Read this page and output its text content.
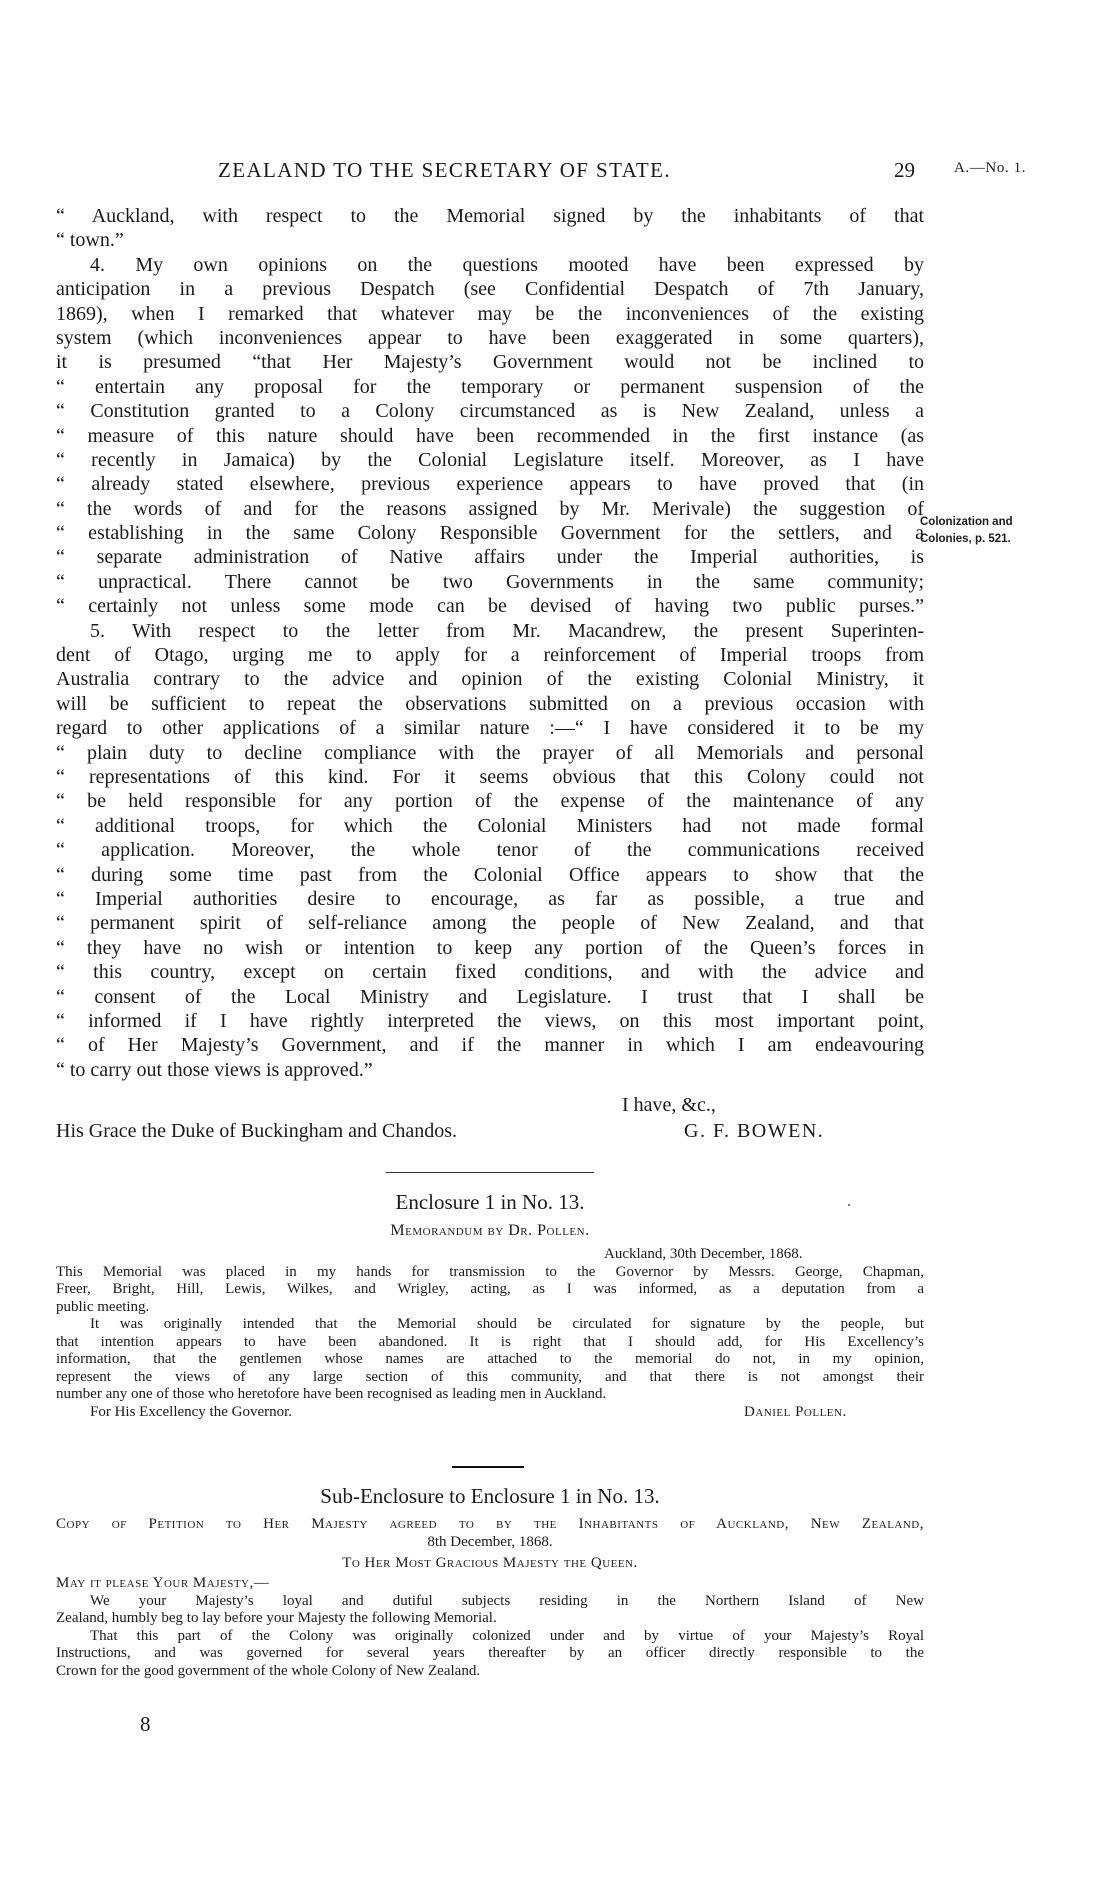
ZEALAND TO THE SECRETARY OF STATE.	29	A.—No. 1.
Colonization and
Colonies, p. 521.
“ Auckland, with respect to the Memorial signed by the inhabitants of that
“ town.”
4. My own opinions on the questions mooted have been expressed by
anticipation in a previous Despatch (see Confidential Despatch of 7th January,
1869), when I remarked that whatever may be the inconveniences of the existing
system (which inconveniences appear to have been exaggerated in some quarters),
it is presumed “that Her Majesty’s Government would not be inclined to
“ entertain any proposal for the temporary or permanent suspension of the
“ Constitution granted to a Colony circumstanced as is New Zealand, unless a
“ measure of this nature should have been recommended in the first instance (as
“ recently in Jamaica) by the Colonial Legislature itself. Moreover, as I have
“ already stated elsewhere, previous experience appears to have proved that (in
“ the words of and for the reasons assigned by Mr. Merivale) the suggestion of
“ establishing in the same Colony Responsible Government for the settlers, and a
“ separate administration of Native affairs under the Imperial authorities, is
“ unpractical. There cannot be two Governments in the same community;
“ certainly not unless some mode can be devised of having two public purses.”
5. With respect to the letter from Mr. Macandrew, the present Superinten-
dent of Otago, urging me to apply for a reinforcement of Imperial troops from
Australia contrary to the advice and opinion of the existing Colonial Ministry, it
will be sufficient to repeat the observations submitted on a previous occasion with
regard to other applications of a similar nature :—“ I have considered it to be my
“ plain duty to decline compliance with the prayer of all Memorials and personal
“ representations of this kind. For it seems obvious that this Colony could not
“ be held responsible for any portion of the expense of the maintenance of any
“ additional troops, for which the Colonial Ministers had not made formal
“ application. Moreover, the whole tenor of the communications received
“ during some time past from the Colonial Office appears to show that the
“ Imperial authorities desire to encourage, as far as possible, a true and
“ permanent spirit of self-reliance among the people of New Zealand, and that
“ they have no wish or intention to keep any portion of the Queen’s forces in
“ this country, except on certain fixed conditions, and with the advice and
“ consent of the Local Ministry and Legislature. I trust that I shall be
“ informed if I have rightly interpreted the views, on this most important point,
“ of Her Majesty’s Government, and if the manner in which I am endeavouring
“ to carry out those views is approved.”
I have, &c.,
His Grace the Duke of Buckingham and Chandos.	G. F. BOWEN.
Enclosure 1 in No. 13.
Memorandum by Dr. Pollen.
Auckland, 30th December, 1868.
This Memorial was placed in my hands for transmission to the Governor by Messrs. George, Chapman,
Freer, Bright, Hill, Lewis, Wilkes, and Wrigley, acting, as I was informed, as a deputation from a
public meeting.
It was originally intended that the Memorial should be circulated for signature by the people, but
that intention appears to have been abandoned. It is right that I should add, for His Excellency’s
information, that the gentlemen whose names are attached to the memorial do not, in my opinion,
represent the views of any large section of this community, and that there is not amongst their
number any one of those who heretofore have been recognised as leading men in Auckland.
For His Excellency the Governor.	Daniel Pollen.
Sub-Enclosure to Enclosure 1 in No. 13.
Copy of Petition to Her Majesty agreed to by the Inhabitants of Auckland, New Zealand,
8th December, 1868.
To Her Most Gracious Majesty the Queen.
May it please Your Majesty,—
We your Majesty’s loyal and dutiful subjects residing in the Northern Island of New
Zealand, humbly beg to lay before your Majesty the following Memorial.
That this part of the Colony was originally colonized under and by virtue of your Majesty’s Royal
Instructions, and was governed for several years thereafter by an officer directly responsible to the
Crown for the good government of the whole Colony of New Zealand.
8
